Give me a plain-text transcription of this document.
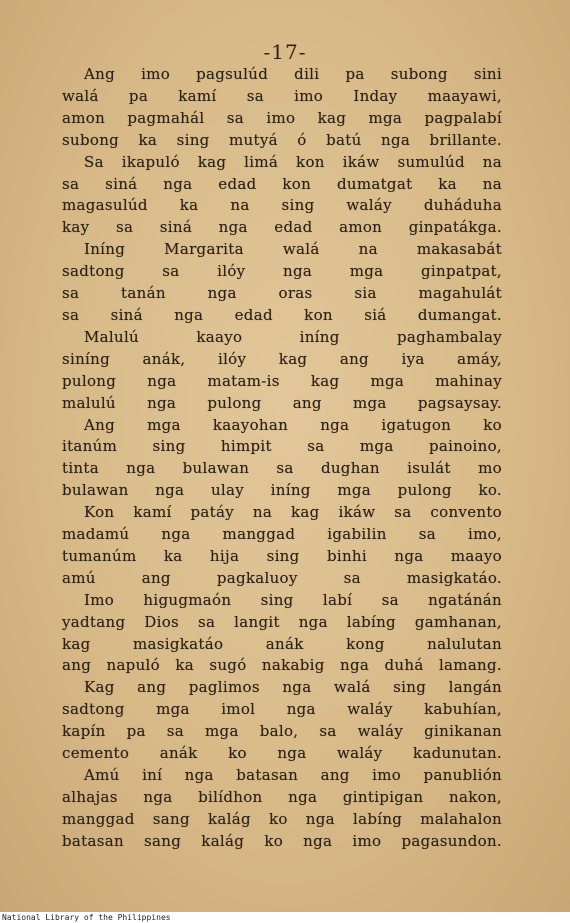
-17-
Ang imo pagsulúd dili pa subong sini
walá pa kamí sa imo Inday maayawi,
amon pagmahál sa imo kag mga pagpalabí
subong ka sing mutyá ó batú nga brillante.
Sa ikapuló kag limá kon ikáw sumulúd na
sa siná nga edad kon dumatgat ka na
magasulúd ka na sing waláy duháduha
kay sa siná nga edad amon ginpatákga.
Iníng Margarita walá na makasabát
sadtong sa ilóy nga mga ginpatpat,
sa tanán nga oras sia magahulát
sa siná nga edad kon siá dumangat.
Malulú kaayo iníng paghambalay
siníng anák, ilóy kag ang iya amáy,
pulong nga matam-is kag mga mahinay
malulú nga pulong ang mga pagsaysay.
Ang mga kaayohan nga igatugon ko
itanúm sing himpit sa mga painoino,
tinta nga bulawan sa dughan isulát mo
bulawan nga ulay iníng mga pulong ko.
Kon kamí patáy na kag ikáw sa convento
madamú nga manggad igabilin sa imo,
tumanúm ka hija sing binhi nga maayo
amú ang pagkaluoy sa masigkatáo.
Imo higugmaón sing labí sa ngatánán
yadtang Dios sa langit nga labíng gamhanan,
kag masigkatáo anák kong nalulutan
ang napuló ka sugó nakabig nga duhá lamang.
Kag ang paglimos nga walá sing langán
sadtong mga imol nga waláy kabuhían,
kapín pa sa mga balo, sa waláy ginikanan
cemento anák ko nga waláy kadunutan.
Amú iní nga batasan ang imo panublión
alhajas nga bilídhon nga gintipigan nakon,
manggad sang kalág ko nga labíng malahalon
batasan sang kalág ko nga imo pagasundon.
National Library of the Philippines
